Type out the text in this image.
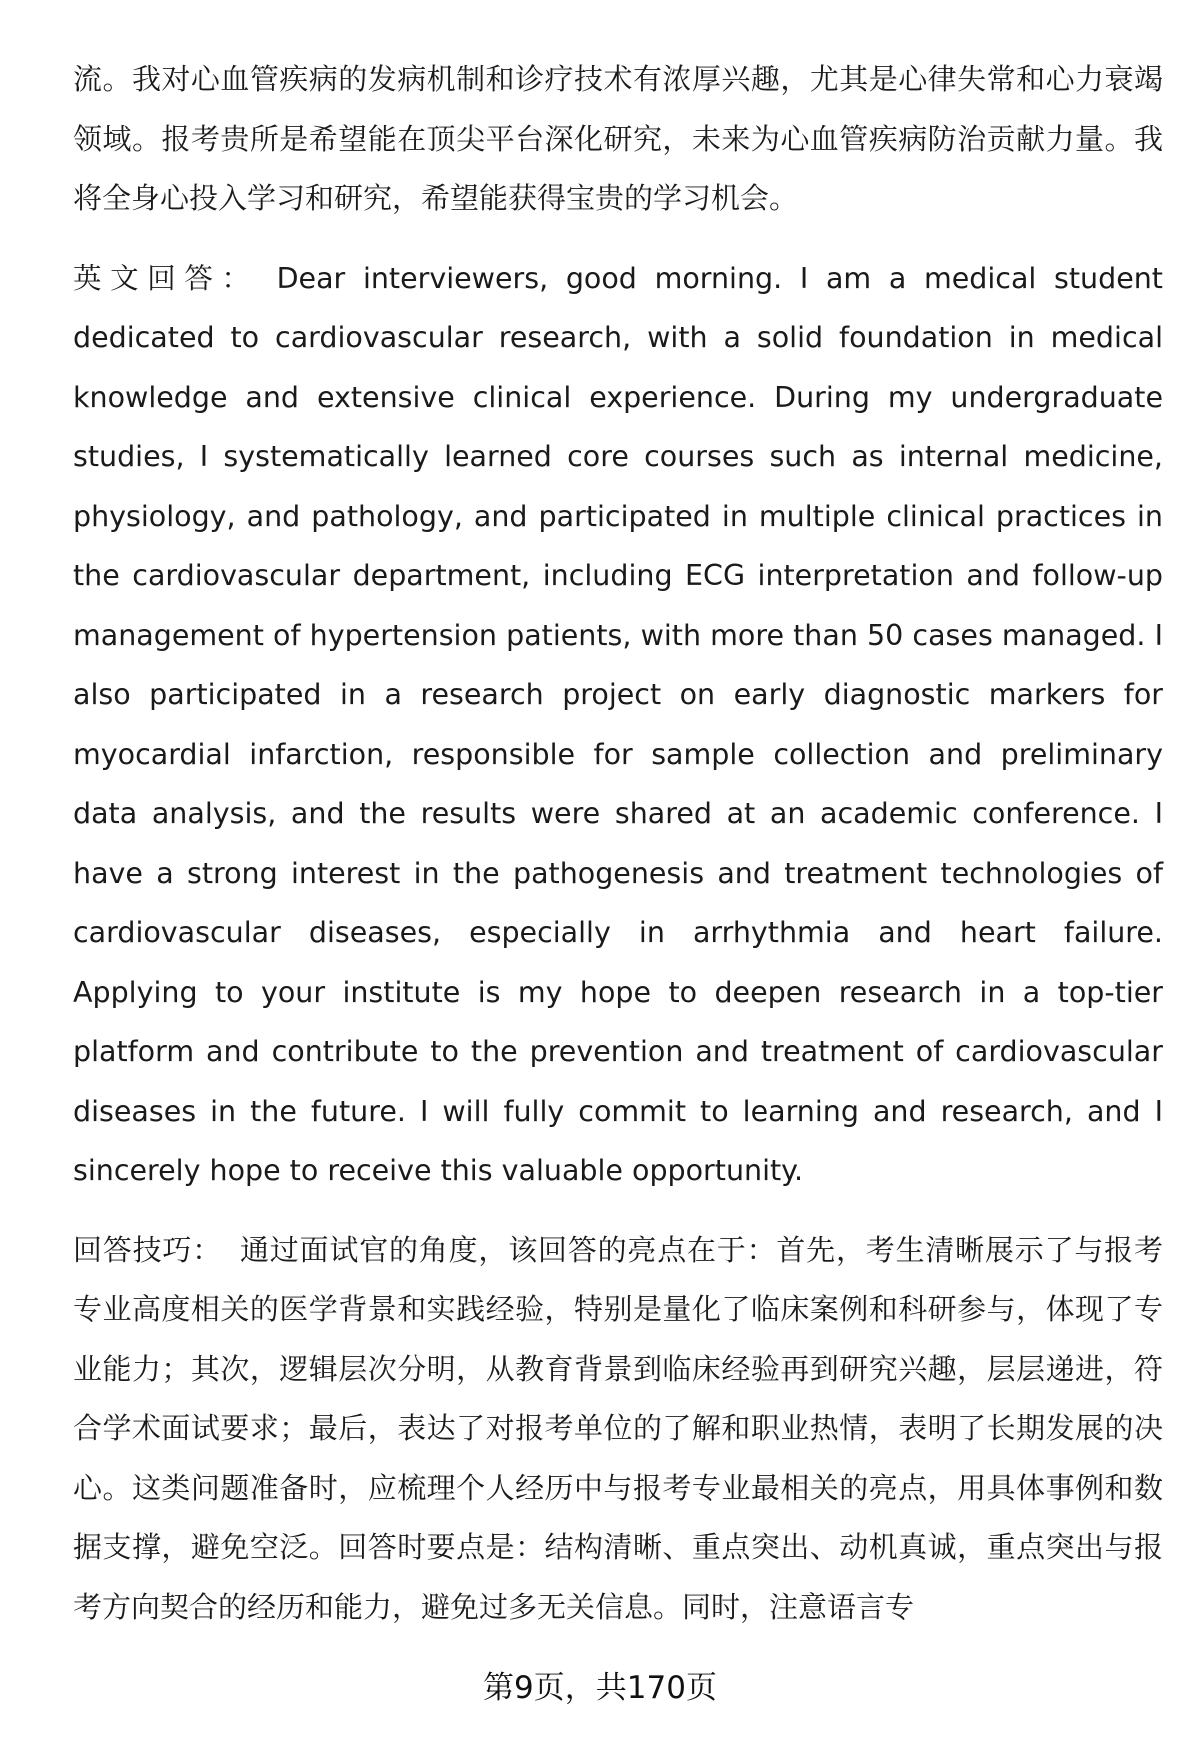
流。我对心血管疾病的发病机制和诊疗技术有浓厚兴趣，尤其是心律失常和心力衰竭领域。报考贵所是希望能在顶尖平台深化研究，未来为心血管疾病防治贡献力量。我将全身心投入学习和研究，希望能获得宝贵的学习机会。

英文回答： Dear interviewers, good morning. I am a medical student dedicated to cardiovascular research, with a solid foundation in medical knowledge and extensive clinical experience. During my undergraduate studies, I systematically learned core courses such as internal medicine, physiology, and pathology, and participated in multiple clinical practices in the cardiovascular department, including ECG interpretation and follow-up management of hypertension patients, with more than 50 cases managed. I also participated in a research project on early diagnostic markers for myocardial infarction, responsible for sample collection and preliminary data analysis, and the results were shared at an academic conference. I have a strong interest in the pathogenesis and treatment technologies of cardiovascular diseases, especially in arrhythmia and heart failure. Applying to your institute is my hope to deepen research in a top-tier platform and contribute to the prevention and treatment of cardiovascular diseases in the future. I will fully commit to learning and research, and I sincerely hope to receive this valuable opportunity.

回答技巧： 通过面试官的角度，该回答的亮点在于：首先，考生清晰展示了与报考专业高度相关的医学背景和实践经验，特别是量化了临床案例和科研参与，体现了专业能力；其次，逻辑层次分明，从教育背景到临床经验再到研究兴趣，层层递进，符合学术面试要求；最后，表达了对报考单位的了解和职业热情，表明了长期发展的决心。这类问题准备时，应梳理个人经历中与报考专业最相关的亮点，用具体事例和数据支撑，避免空泛。回答时要点是：结构清晰、重点突出、动机真诚，重点突出与报考方向契合的经历和能力，避免过多无关信息。同时，注意语言专

第9页，共170页
